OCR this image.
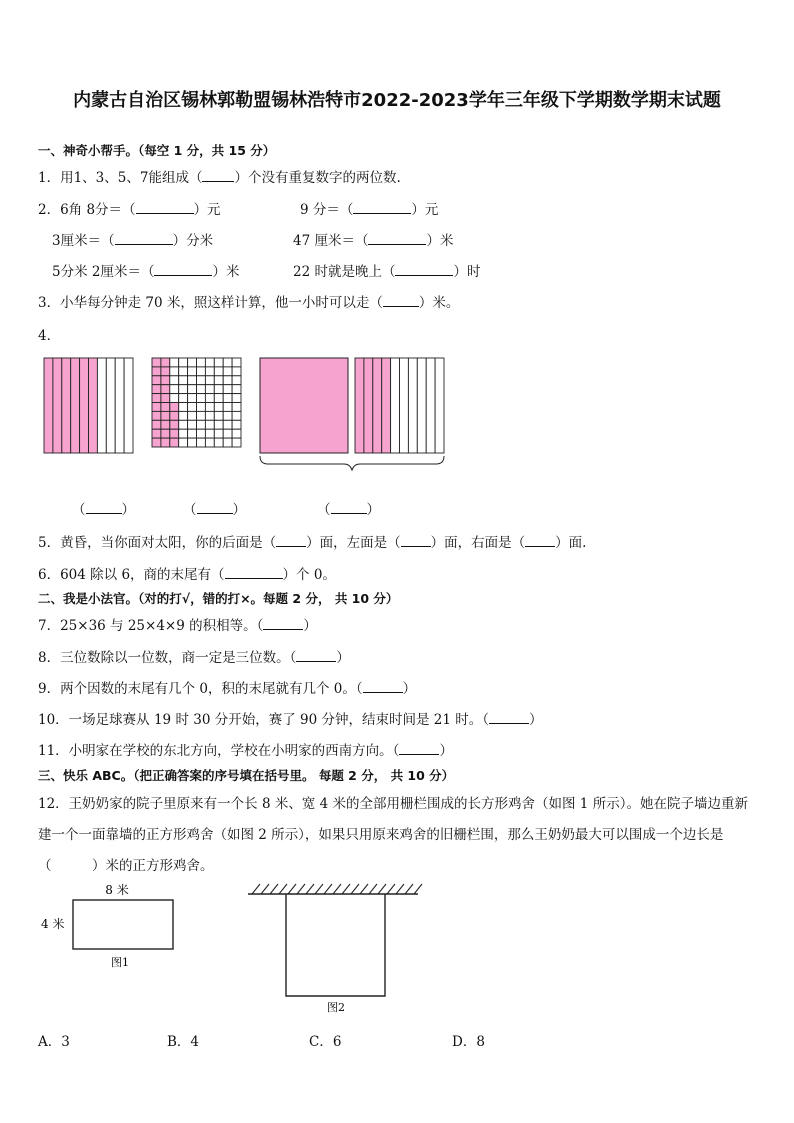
内蒙古自治区锡林郭勒盟锡林浩特市2022-2023学年三年级下学期数学期末试题
一、神奇小帮手。（每空 1 分，共 15 分）
1．用1、3、5、7能组成（ ）个没有重复数字的两位数.
2．6角 8分＝（	）元	9 分＝（	）元
3厘米＝（	）分米	47 厘米＝（	）米
5分米 2厘米＝（	）米	22 时就是晚上（	）时
3．小华每分钟走 70 米，照这样计算，他一小时可以走（	）米。
4．
（	）	（	）	（	）
5．黄昏，当你面对太阳，你的后面是（ ）面，左面是（ ）面，右面是（ ）面.
6．604 除以 6，商的末尾有（	）个 0。
二、我是小法官。（对的打√，错的打×。每题 2 分， 共 10 分）
7．25×36 与 25×4×9 的积相等。（	）
8．三位数除以一位数，商一定是三位数。（	）
9．两个因数的末尾有几个 0，积的末尾就有几个 0。（	）
10．一场足球赛从 19 时 30 分开始，赛了 90 分钟，结束时间是 21 时。（	）
11．小明家在学校的东北方向，学校在小明家的西南方向。（	）
三、快乐 ABC。（把正确答案的序号填在括号里。 每题 2 分， 共 10 分）
12．王奶奶家的院子里原来有一个长 8 米、宽 4 米的全部用栅栏围成的长方形鸡舍（如图 1 所示）。她在院子墙边重新
建一个一面靠墙的正方形鸡舍（如图 2 所示），如果只用原来鸡舍的旧栅栏围，那么王奶奶最大可以围成一个边长是
（　　　）米的正方形鸡舍。
8 米
4 米
图1
图2
A．3	B．4	C．6	D．8
